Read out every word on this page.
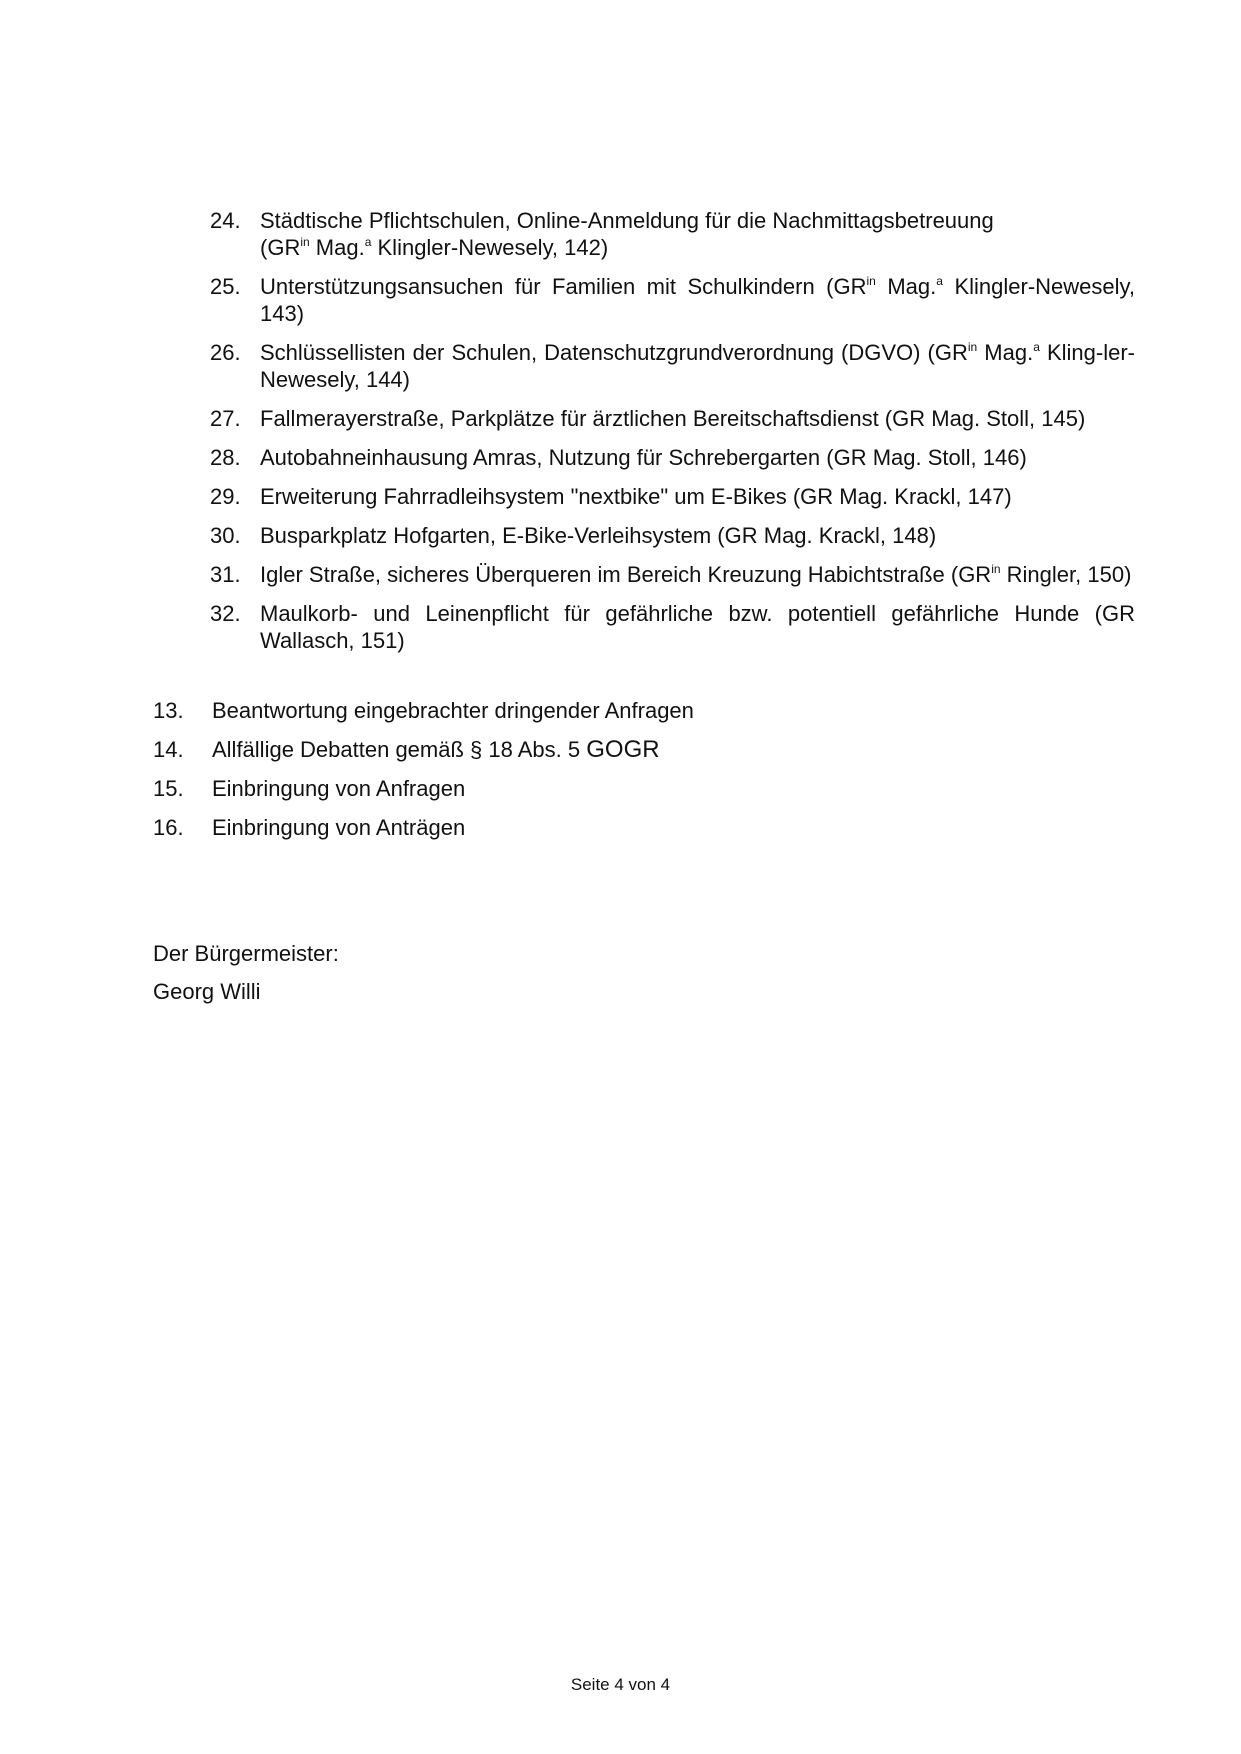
24. Städtische Pflichtschulen, Online-Anmeldung für die Nachmittagsbetreuung
($GR^{in}$ Mag.$^a$ Klingler-Newesely, 142)
25. Unterstützungsansuchen für Familien mit Schulkindern ($GR^{in}$ Mag.$^a$ Klingler-Newesely, 143)
26. Schlüssellisten der Schulen, Datenschutzgrundverordnung (DGVO) ($GR^{in}$ Mag.$^a$ Kling-ler-Newesely, 144)
27. Fallmerayerstraße, Parkplätze für ärztlichen Bereitschaftsdienst (GR Mag. Stoll, 145)
28. Autobahneinhausung Amras, Nutzung für Schrebergarten (GR Mag. Stoll, 146)
29. Erweiterung Fahrradleihsystem "nextbike" um E-Bikes (GR Mag. Krackl, 147)
30. Busparkplatz Hofgarten, E-Bike-Verleihsystem (GR Mag. Krackl, 148)
31. Igler Straße, sicheres Überqueren im Bereich Kreuzung Habichtstraße ($GR^{in}$ Ringler, 150)
32. Maulkorb- und Leinenpflicht für gefährliche bzw. potentiell gefährliche Hunde (GR Wallasch, 151)
13.	Beantwortung eingebrachter dringender Anfragen
14.	Allfällige Debatten gemäß § 18 Abs. 5 GOGR
15.	Einbringung von Anfragen
16.	Einbringung von Anträgen
Der Bürgermeister:
Georg Willi
Seite 4 von 4
